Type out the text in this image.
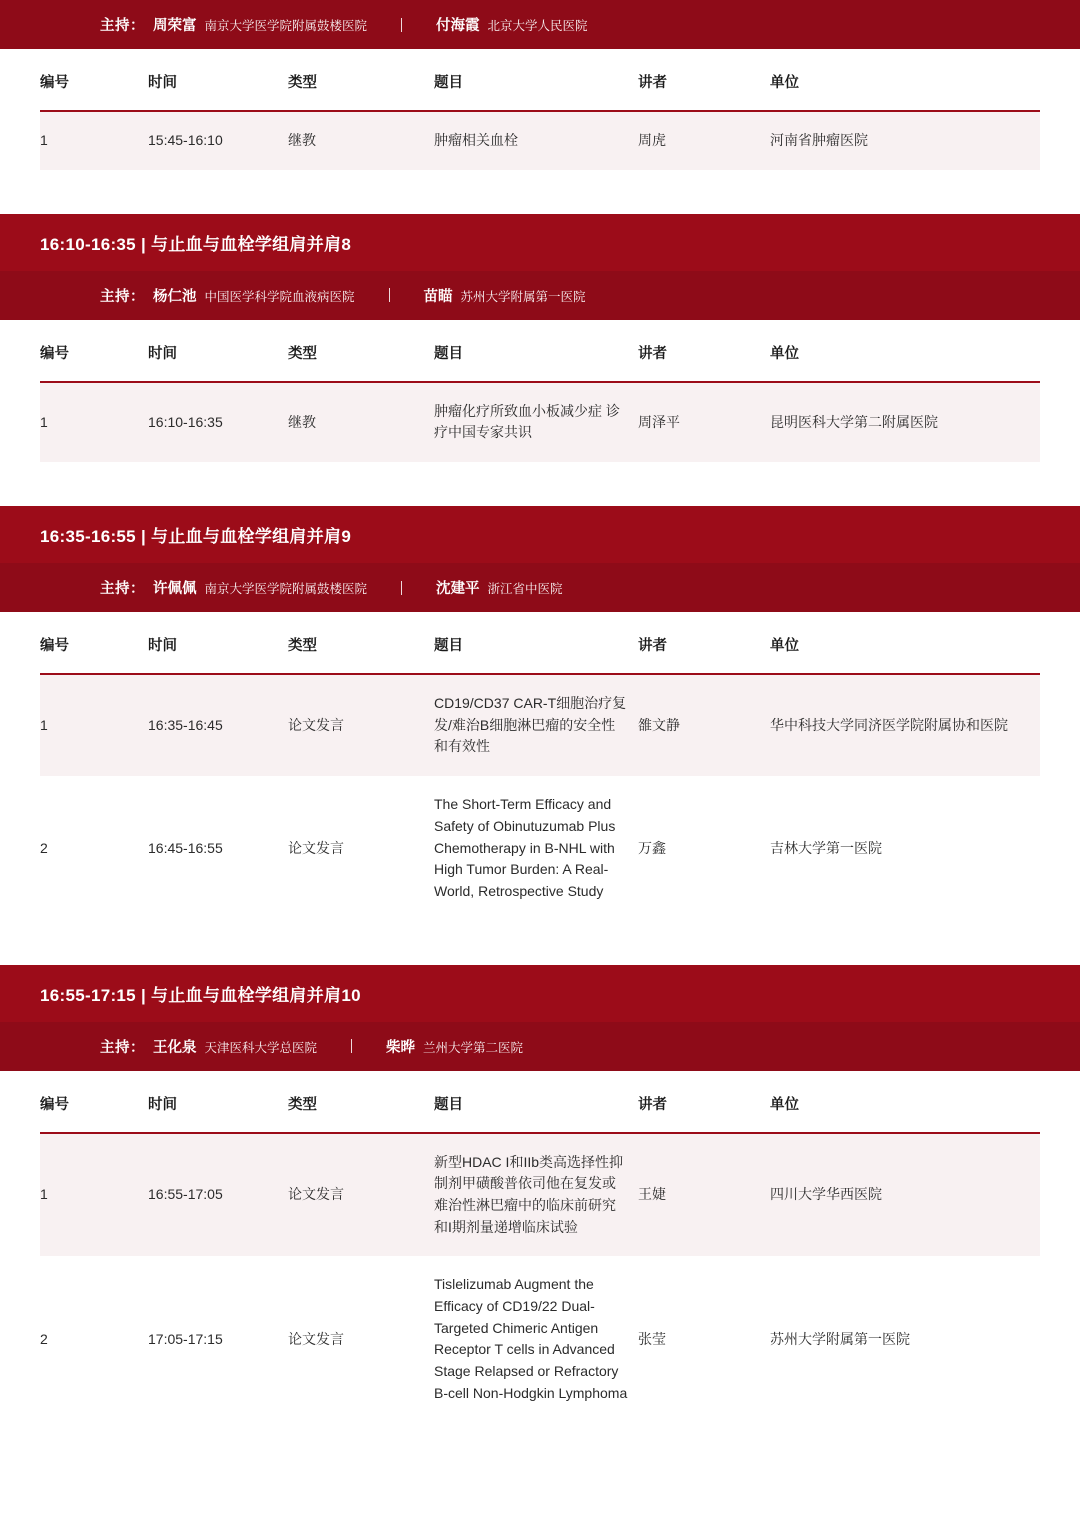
主持： 周荣富 南京大学医学院附属鼓楼医院	付海霞 北京大学人民医院
编号	时间	类型	题目	讲者	单位
1	15:45-16:10	继教	肿瘤相关血栓	周虎	河南省肿瘤医院
16:10-16:35 | 与止血与血栓学组肩并肩8
主持： 杨仁池 中国医学科学院血液病医院	苗瞄 苏州大学附属第一医院
编号	时间	类型	题目	讲者	单位
1	16:10-16:35	继教	肿瘤化疗所致血小板减少症 诊疗中国专家共识	周泽平	昆明医科大学第二附属医院
16:35-16:55 | 与止血与血栓学组肩并肩9
主持： 许佩佩 南京大学医学院附属鼓楼医院	沈建平 浙江省中医院
编号	时间	类型	题目	讲者	单位
1	16:35-16:45	论文发言	CD19/CD37 CAR-T细胞治疗复发/难治B细胞淋巴瘤的安全性和有效性	雒文静	华中科技大学同济医学院附属协和医院
2	16:45-16:55	论文发言	The Short-Term Efficacy and Safety of Obinutuzumab Plus Chemotherapy in B-NHL with High Tumor Burden: A Real-World, Retrospective Study	万鑫	吉林大学第一医院
16:55-17:15 | 与止血与血栓学组肩并肩10
主持： 王化泉 天津医科大学总医院	柴晔 兰州大学第二医院
编号	时间	类型	题目	讲者	单位
1	16:55-17:05	论文发言	新型HDAC I和IIb类高选择性抑制剂甲磺酸普依司他在复发或难治性淋巴瘤中的临床前研究和I期剂量递增临床试验	王婕	四川大学华西医院
2	17:05-17:15	论文发言	Tislelizumab Augment the Efficacy of CD19/22 Dual-Targeted Chimeric Antigen Receptor T cells in Advanced Stage Relapsed or Refractory B-cell Non-Hodgkin Lymphoma	张莹	苏州大学附属第一医院
